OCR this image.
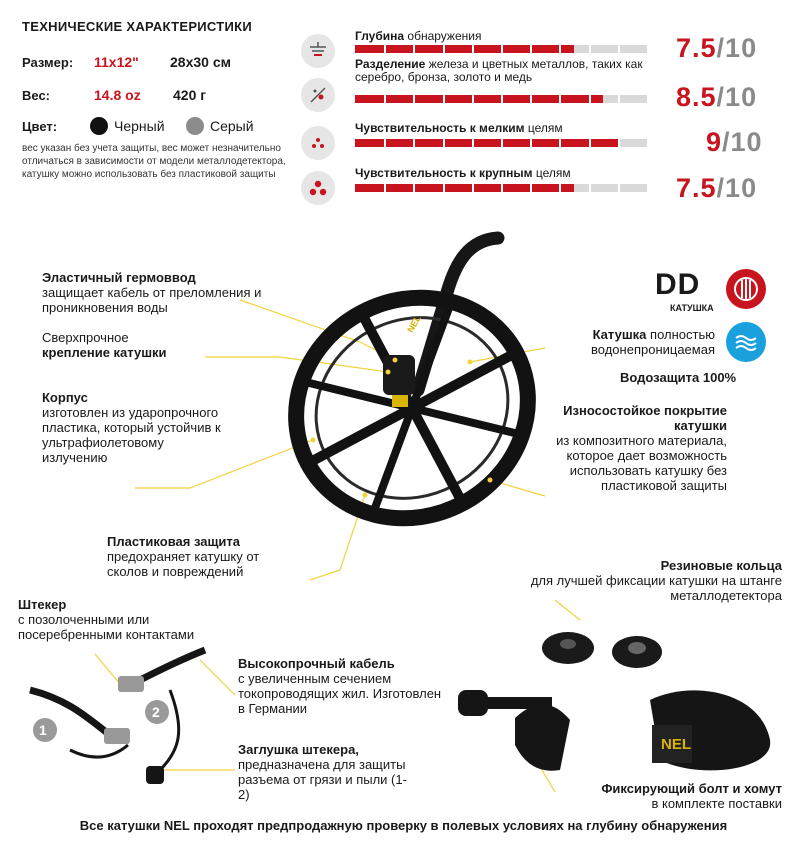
ТЕХНИЧЕСКИЕ ХАРАКТЕРИСТИКИ
Размер: 11x12" 28x30 см
Вес:	14.8 oz 420 г
Цвет:	Черный	Серый
вес указан без учета защиты, вес может незначительно отличаться в зависимости от модели металлодетектора, катушку можно использовать без пластиковой защиты
Глубина обнаружения	7.5/10
Разделение железа и цветных металлов, таких как серебро, бронза, золото и медь
8.5/10
Чувствительность к мелким целям	9/10
Чувствительность к крупным целям	7.5/10
NEL
NEL
1
2
DD
КАТУШКА
Водозащита 100%
Эластичный гермоввод
защищает кабель от преломления и проникновения воды
Сверхпрочное
крепление катушки
Корпус
изготовлен из ударопрочного пластика, который устойчив к ультрафиолетовому излучению
Пластиковая защита
предохраняет катушку от сколов и повреждений
Катушка полностью водонепроницаемая
Износостойкое покрытие катушки
из композитного материала, которое дает возможность использовать катушку без пластиковой защиты
Резиновые кольца
для лучшей фиксации катушки на штанге металлодетектора
Штекер
с позолоченными или посеребренными контактами
Высокопрочный кабель
с увеличенным сечением токопроводящих жил. Изготовлен в Германии
Заглушка штекера,
предназначена для защиты разъема от грязи и пыли (1-2)	Фиксирующий болт и хомут
в комплекте поставки
Все катушки NEL проходят предпродажную проверку в полевых условиях на глубину обнаружения
